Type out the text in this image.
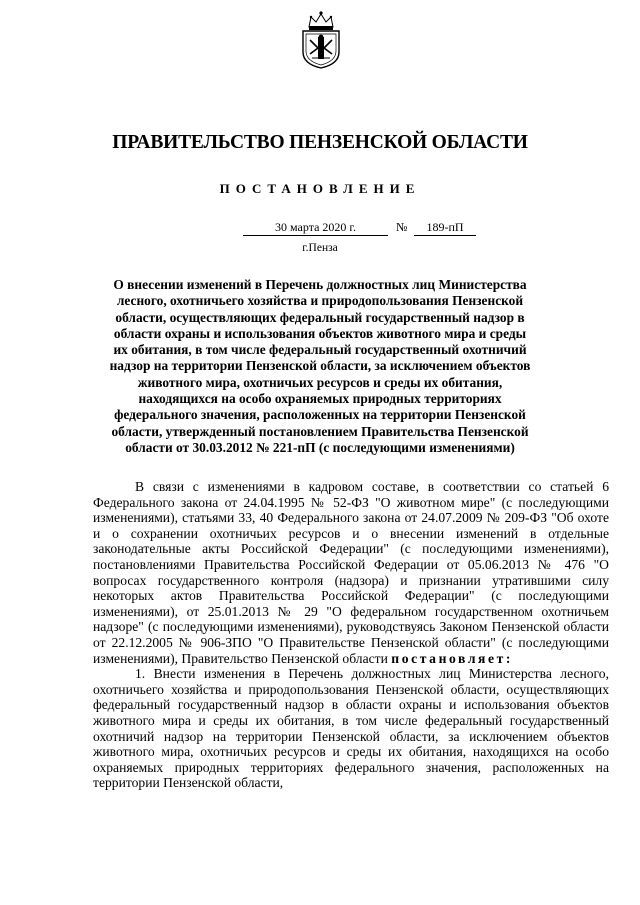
ПРАВИТЕЛЬСТВО ПЕНЗЕНСКОЙ ОБЛАСТИ
ПОСТАНОВЛЕНИЕ
30 марта 2020 г.	№	189-пП
г.Пенза
О внесении изменений в Перечень должностных лиц Министерства лесного, охотничьего хозяйства и природопользования Пензенской области, осуществляющих федеральный государственный надзор в области охраны и использования объектов животного мира и среды их обитания, в том числе федеральный государственный охотничий надзор на территории Пензенской области, за исключением объектов животного мира, охотничьих ресурсов и среды их обитания, находящихся на особо охраняемых природных территориях федерального значения, расположенных на территории Пензенской области, утвержденный постановлением Правительства Пензенской области от 30.03.2012 № 221-пП (с последующими изменениями)

В связи с изменениями в кадровом составе, в соответствии со статьей 6 Федерального закона от 24.04.1995 № 52-ФЗ "О животном мире" (с последующими изменениями), статьями 33, 40 Федерального закона от 24.07.2009 № 209-ФЗ "Об охоте и о сохранении охотничьих ресурсов и о внесении изменений в отдельные законодательные акты Российской Федерации" (с последующими изменениями), постановлениями Правительства Российской Федерации от 05.06.2013 № 476 "О вопросах государственного контроля (надзора) и признании утратившими силу некоторых актов Правительства Российской Федерации" (с последующими изменениями), от 25.01.2013 № 29 "О федеральном государственном охотничьем надзоре" (с последующими изменениями), руководствуясь Законом Пензенской области от 22.12.2005 № 906-ЗПО "О Правительстве Пензенской области" (с последующими изменениями), Правительство Пензенской области постановляет:

1. Внести изменения в Перечень должностных лиц Министерства лесного, охотничьего хозяйства и природопользования Пензенской области, осуществляющих федеральный государственный надзор в области охраны и использования объектов животного мира и среды их обитания, в том числе федеральный государственный охотничий надзор на территории Пензенской области, за исключением объектов животного мира, охотничьих ресурсов и среды их обитания, находящихся на особо охраняемых природных территориях федерального значения, расположенных на территории Пензенской области,
